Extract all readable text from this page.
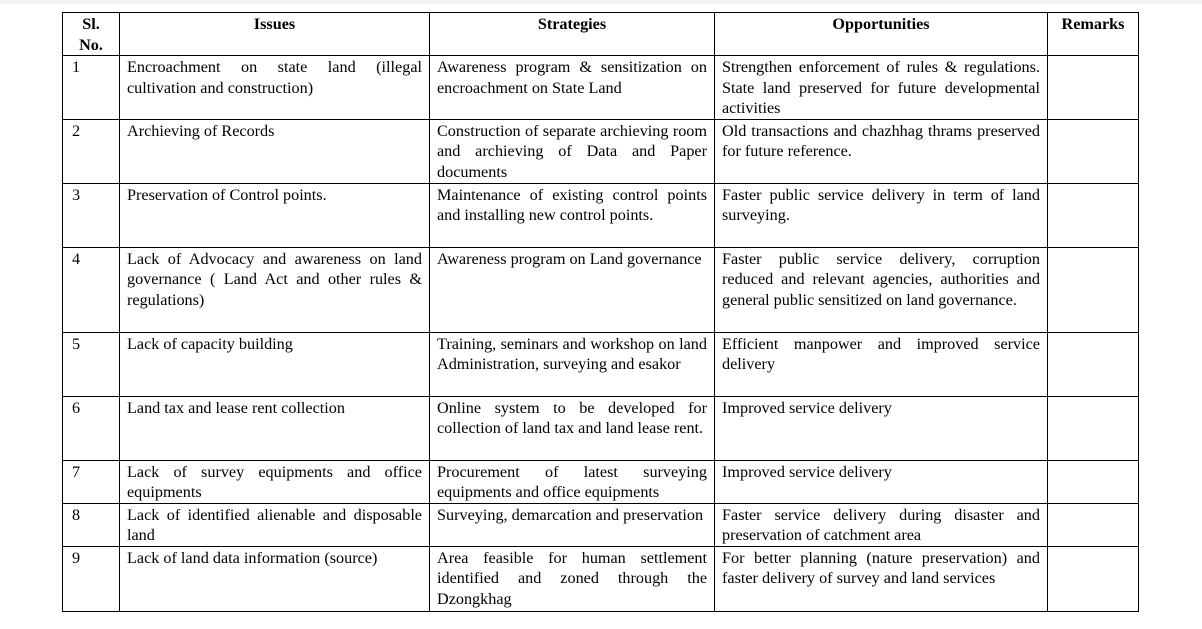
Sl. No.	Issues	Strategies	Opportunities	Remarks
1	Encroachment on state land (illegal cultivation and construction)	Awareness program & sensitization on encroachment on State Land	Strengthen enforcement of rules & regulations. State land preserved for future developmental activities	
2	Archieving of Records	Construction of separate archieving room and archieving of Data and Paper documents	Old transactions and chazhhag thrams preserved for future reference.	
3	Preservation of Control points.	Maintenance of existing control points and installing new control points.	Faster public service delivery in term of land surveying.	
4	Lack of Advocacy and awareness on land governance ( Land Act and other rules & regulations)	Awareness program on Land governance	Faster public service delivery, corruption reduced and relevant agencies, authorities and general public sensitized on land governance.	
5	Lack of capacity building	Training, seminars and workshop on land Administration, surveying and esakor	Efficient manpower and improved service delivery	
6	Land tax and lease rent collection	Online system to be developed for collection of land tax and land lease rent.	Improved service delivery	
7	Lack of survey equipments and office equipments	Procurement of latest surveying equipments and office equipments	Improved service delivery	
8	Lack of identified alienable and disposable land	Surveying, demarcation and preservation	Faster service delivery during disaster and preservation of catchment area	
9	Lack of land data information (source)	Area feasible for human settlement identified and zoned through the Dzongkhag	For better planning (nature preservation) and faster delivery of survey and land services	
